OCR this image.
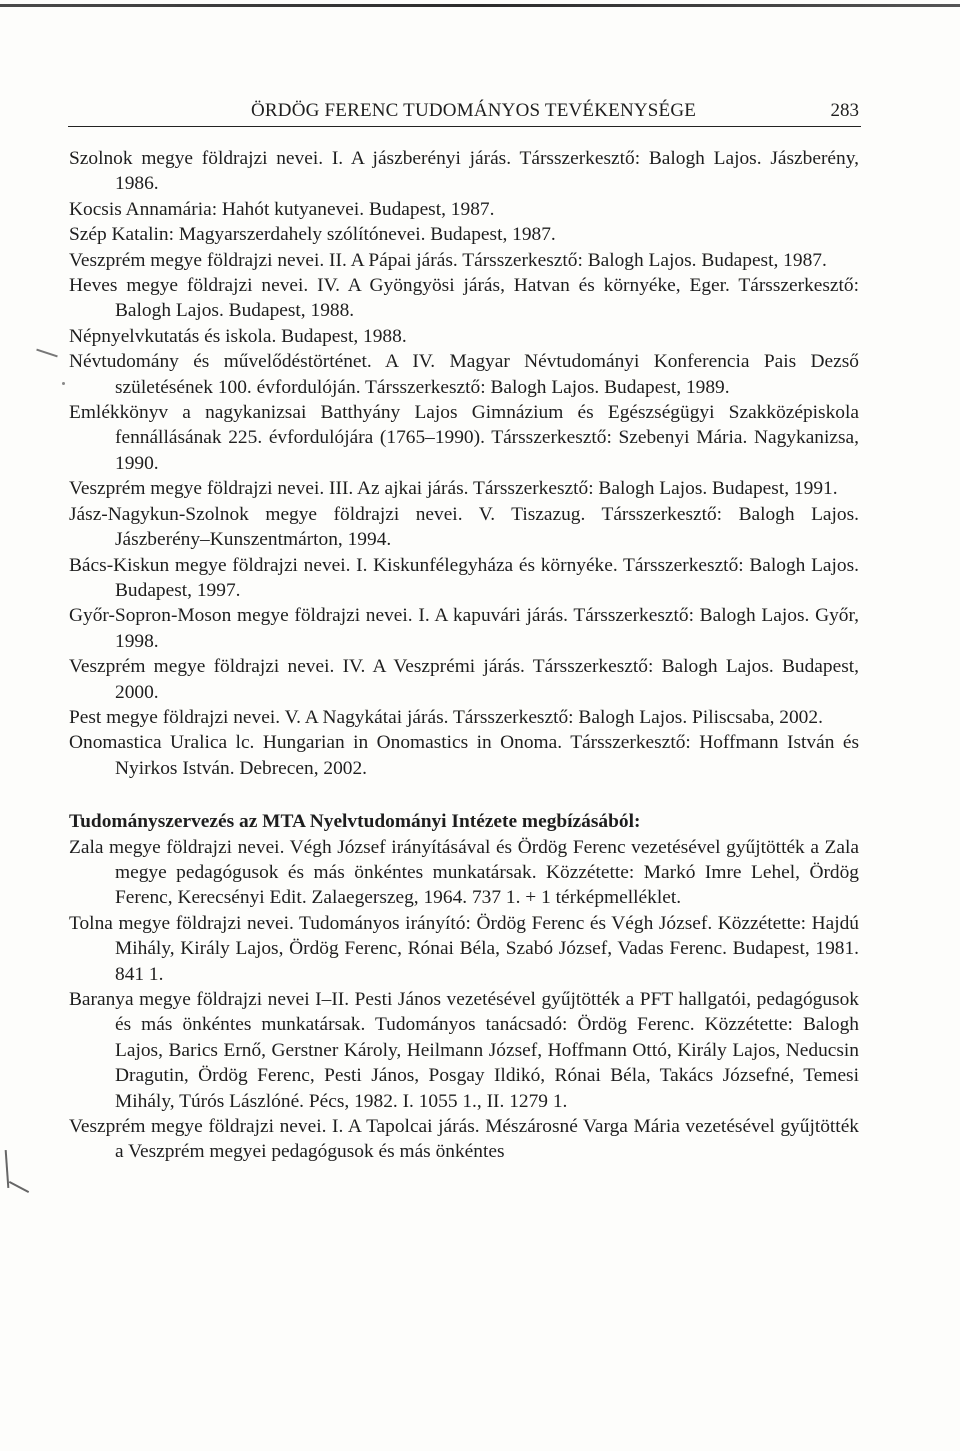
ÖRDÖG FERENC TUDOMÁNYOS TEVÉKENYSÉGE	283

Szolnok megye földrajzi nevei. I. A jászberényi járás. Társszerkesztő: Balogh Lajos. Jászberény, 1986.

Kocsis Annamária: Hahót kutyanevei. Budapest, 1987.

Szép Katalin: Magyarszerdahely szólítónevei. Budapest, 1987.

Veszprém megye földrajzi nevei. II. A Pápai járás. Társszerkesztő: Balogh Lajos. Budapest, 1987.

Heves megye földrajzi nevei. IV. A Gyöngyösi járás, Hatvan és környéke, Eger. Társszerkesztő: Balogh Lajos. Budapest, 1988.

Népnyelvkutatás és iskola. Budapest, 1988.

Névtudomány és művelődéstörténet. A IV. Magyar Névtudományi Konferencia Pais Dezső születésének 100. évfordulóján. Társszerkesztő: Balogh Lajos. Budapest, 1989.

Emlékkönyv a nagykanizsai Batthyány Lajos Gimnázium és Egészségügyi Szakközépiskola fennállásának 225. évfordulójára (1765–1990). Társszerkesztő: Szebenyi Mária. Nagykanizsa, 1990.

Veszprém megye földrajzi nevei. III. Az ajkai járás. Társszerkesztő: Balogh Lajos. Budapest, 1991.

Jász-Nagykun-Szolnok megye földrajzi nevei. V. Tiszazug. Társszerkesztő: Balogh Lajos. Jászberény–Kunszentmárton, 1994.

Bács-Kiskun megye földrajzi nevei. I. Kiskunfélegyháza és környéke. Társszerkesztő: Balogh Lajos. Budapest, 1997.

Győr-Sopron-Moson megye földrajzi nevei. I. A kapuvári járás. Társszerkesztő: Balogh Lajos. Győr, 1998.

Veszprém megye földrajzi nevei. IV. A Veszprémi járás. Társszerkesztő: Balogh Lajos. Budapest, 2000.

Pest megye földrajzi nevei. V. A Nagykátai járás. Társszerkesztő: Balogh Lajos. Piliscsaba, 2002.

Onomastica Uralica lc. Hungarian in Onomastics in Onoma. Társszerkesztő: Hoffmann István és Nyirkos István. Debrecen, 2002.

Tudományszervezés az MTA Nyelvtudományi Intézete megbízásából:

Zala megye földrajzi nevei. Végh József irányításával és Ördög Ferenc vezetésével gyűjtötték a Zala megye pedagógusok és más önkéntes munkatársak. Közzétette: Markó Imre Lehel, Ördög Ferenc, Kerecsényi Edit. Zalaegerszeg, 1964. 737 1. + 1 térképmelléklet.

Tolna megye földrajzi nevei. Tudományos irányító: Ördög Ferenc és Végh József. Közzétette: Hajdú Mihály, Király Lajos, Ördög Ferenc, Rónai Béla, Szabó József, Vadas Ferenc. Budapest, 1981. 841 1.

Baranya megye földrajzi nevei I–II. Pesti János vezetésével gyűjtötték a PFT hallgatói, pedagógusok és más önkéntes munkatársak. Tudományos tanácsadó: Ördög Ferenc. Közzétette: Balogh Lajos, Barics Ernő, Gerstner Károly, Heilmann József, Hoffmann Ottó, Király Lajos, Neducsin Dragutin, Ördög Ferenc, Pesti János, Posgay Ildikó, Rónai Béla, Takács Józsefné, Temesi Mihály, Túrós Lászlóné. Pécs, 1982. I. 1055 1., II. 1279 1.

Veszprém megye földrajzi nevei. I. A Tapolcai járás. Mészárosné Varga Mária vezetésével gyűjtötték a Veszprém megyei pedagógusok és más önkéntes
